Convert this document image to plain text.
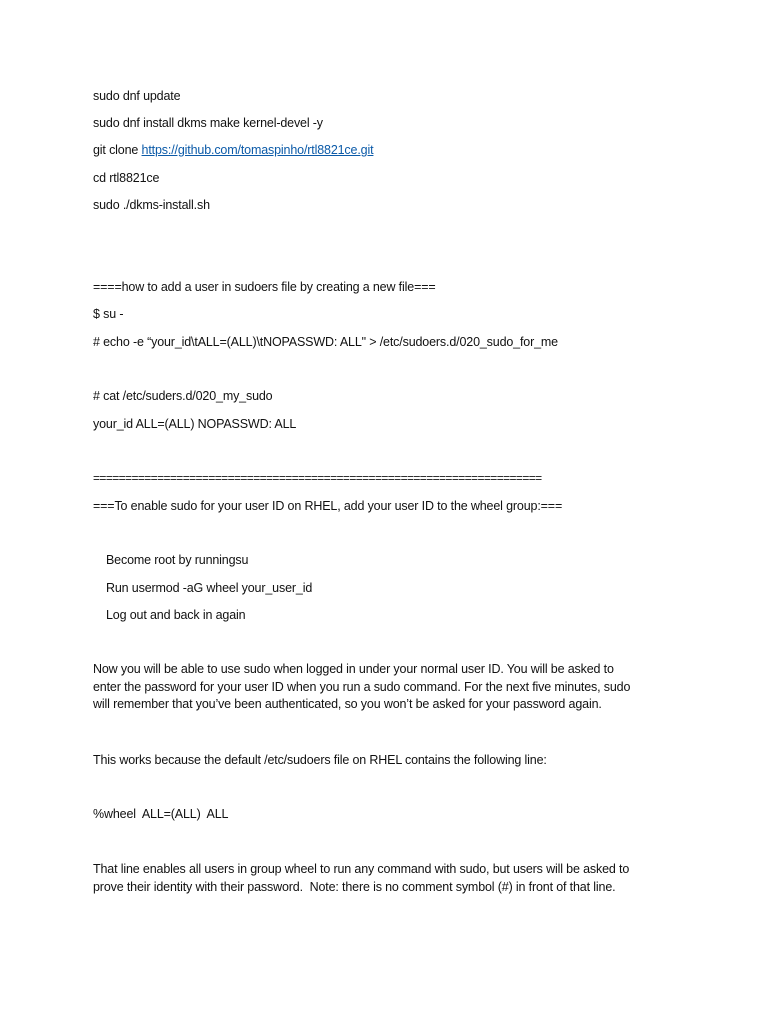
sudo dnf update
sudo dnf install dkms make kernel-devel -y
git clone https://github.com/tomaspinho/rtl8821ce.git
cd rtl8821ce
sudo ./dkms-install.sh
====how to add a user in sudoers file by creating a new file===
$ su -
# echo -e “your_id\tALL=(ALL)\tNOPASSWD: ALL" > /etc/sudoers.d/020_sudo_for_me
# cat /etc/suders.d/020_my_sudo
your_id ALL=(ALL) NOPASSWD: ALL
======================================================================
===To enable sudo for your user ID on RHEL, add your user ID to the wheel group:===
Become root by runningsu
Run usermod -aG wheel your_user_id
Log out and back in again
Now you will be able to use sudo when logged in under your normal user ID. You will be asked to
enter the password for your user ID when you run a sudo command. For the next five minutes, sudo
will remember that you’ve been authenticated, so you won’t be asked for your password again.
This works because the default /etc/sudoers file on RHEL contains the following line:
%wheel  ALL=(ALL)  ALL
That line enables all users in group wheel to run any command with sudo, but users will be asked to
prove their identity with their password.  Note: there is no comment symbol (#) in front of that line.
